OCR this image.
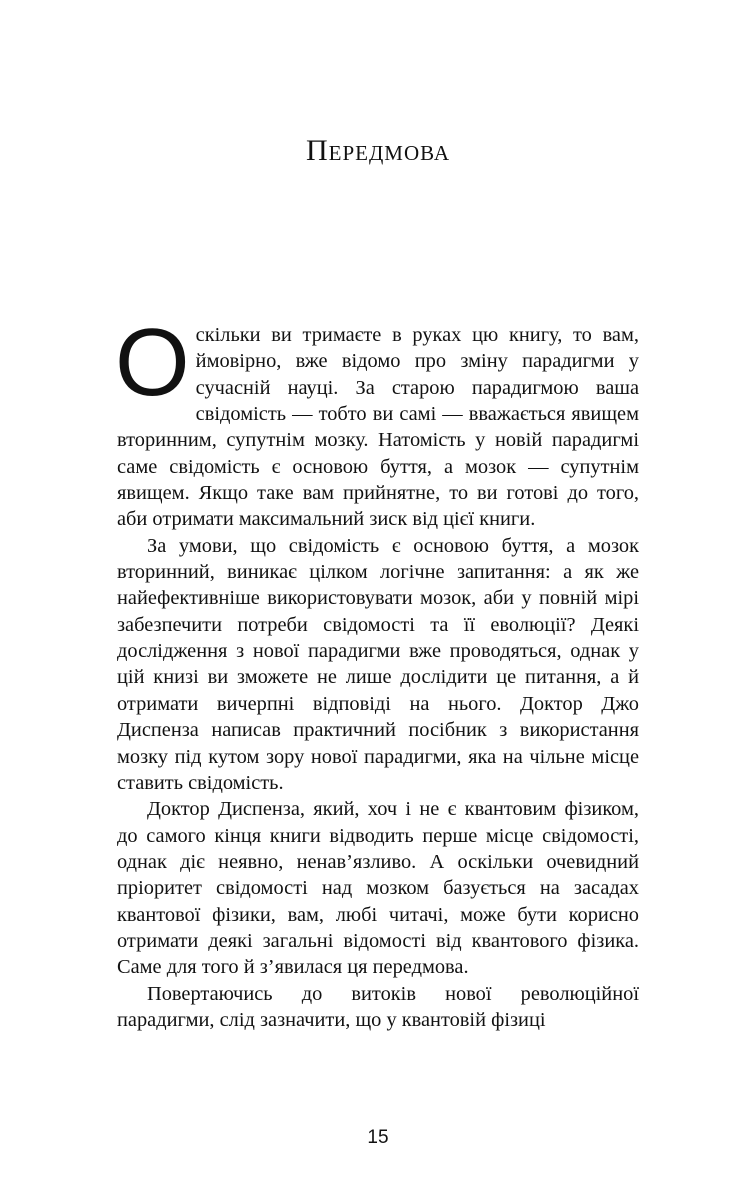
Передмова

Оскільки ви тримаєте в руках цю книгу, то вам, ймовірно, вже відомо про зміну парадигми у сучасній науці. За старою парадигмою ваша свідомість — тобто ви самі — вважається явищем вторинним, супутнім мозку. Натомість у новій парадигмі саме свідомість є основою буття, а мозок — супутнім явищем. Якщо таке вам прийнятне, то ви готові до того, аби отримати максимальний зиск від цієї книги.

За умови, що свідомість є основою буття, а мозок вторинний, виникає цілком логічне запитання: а як же найефективніше використовувати мозок, аби у повній мірі забезпечити потреби свідомості та її еволюції? Деякі дослідження з нової парадигми вже проводяться, однак у цій книзі ви зможете не лише дослідити це питання, а й отримати вичерпні відповіді на нього. Доктор Джо Диспенза написав практичний посібник з використання мозку під кутом зору нової парадигми, яка на чільне місце ставить свідомість.

Доктор Диспенза, який, хоч і не є квантовим фізиком, до самого кінця книги відводить перше місце свідомості, однак діє неявно, ненав’язливо. А оскільки очевидний пріоритет свідомості над мозком базується на засадах квантової фізики, вам, любі читачі, може бути корисно отримати деякі загальні відомості від квантового фізика. Саме для того й з’явилася ця передмова.

Повертаючись до витоків нової революційної парадигми, слід зазначити, що у квантовій фізиці

15
